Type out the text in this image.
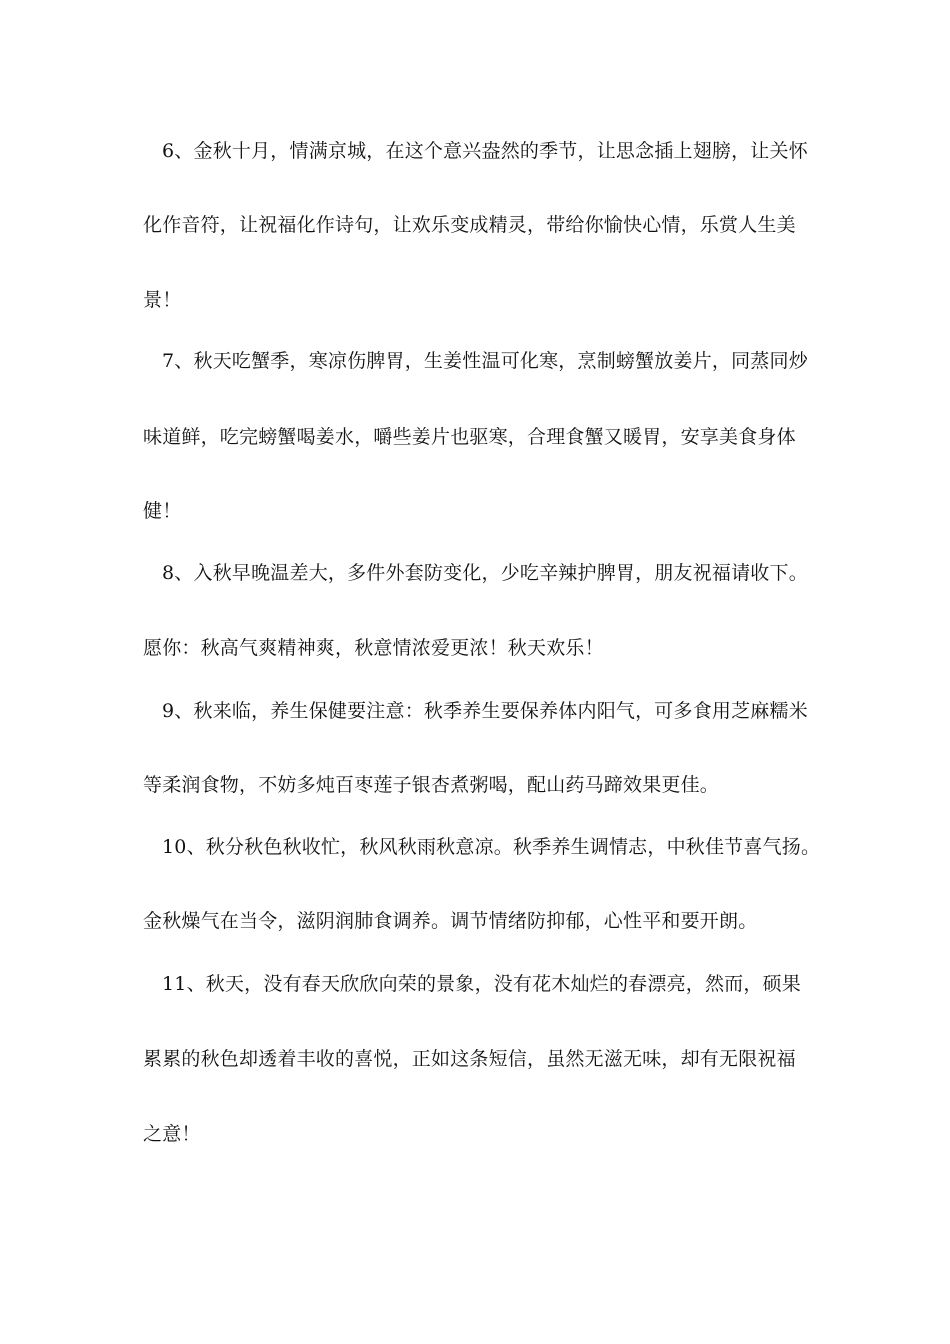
6、金秋十月，情满京城，在这个意兴盎然的季节，让思念插上翅膀，让关怀
化作音符，让祝福化作诗句，让欢乐变成精灵，带给你愉快心情，乐赏人生美
景！
7、秋天吃蟹季，寒凉伤脾胃，生姜性温可化寒，烹制螃蟹放姜片，同蒸同炒
味道鲜，吃完螃蟹喝姜水，嚼些姜片也驱寒，合理食蟹又暖胃，安享美食身体
健！
8、入秋早晚温差大，多件外套防变化，少吃辛辣护脾胃，朋友祝福请收下。
愿你：秋高气爽精神爽，秋意情浓爱更浓！秋天欢乐！
9、秋来临，养生保健要注意：秋季养生要保养体内阳气，可多食用芝麻糯米
等柔润食物，不妨多炖百枣莲子银杏煮粥喝，配山药马蹄效果更佳。
10、秋分秋色秋收忙，秋风秋雨秋意凉。秋季养生调情志，中秋佳节喜气扬。
金秋燥气在当令，滋阴润肺食调养。调节情绪防抑郁，心性平和要开朗。
11、秋天，没有春天欣欣向荣的景象，没有花木灿烂的春漂亮，然而，硕果
累累的秋色却透着丰收的喜悦，正如这条短信，虽然无滋无味，却有无限祝福
之意！
